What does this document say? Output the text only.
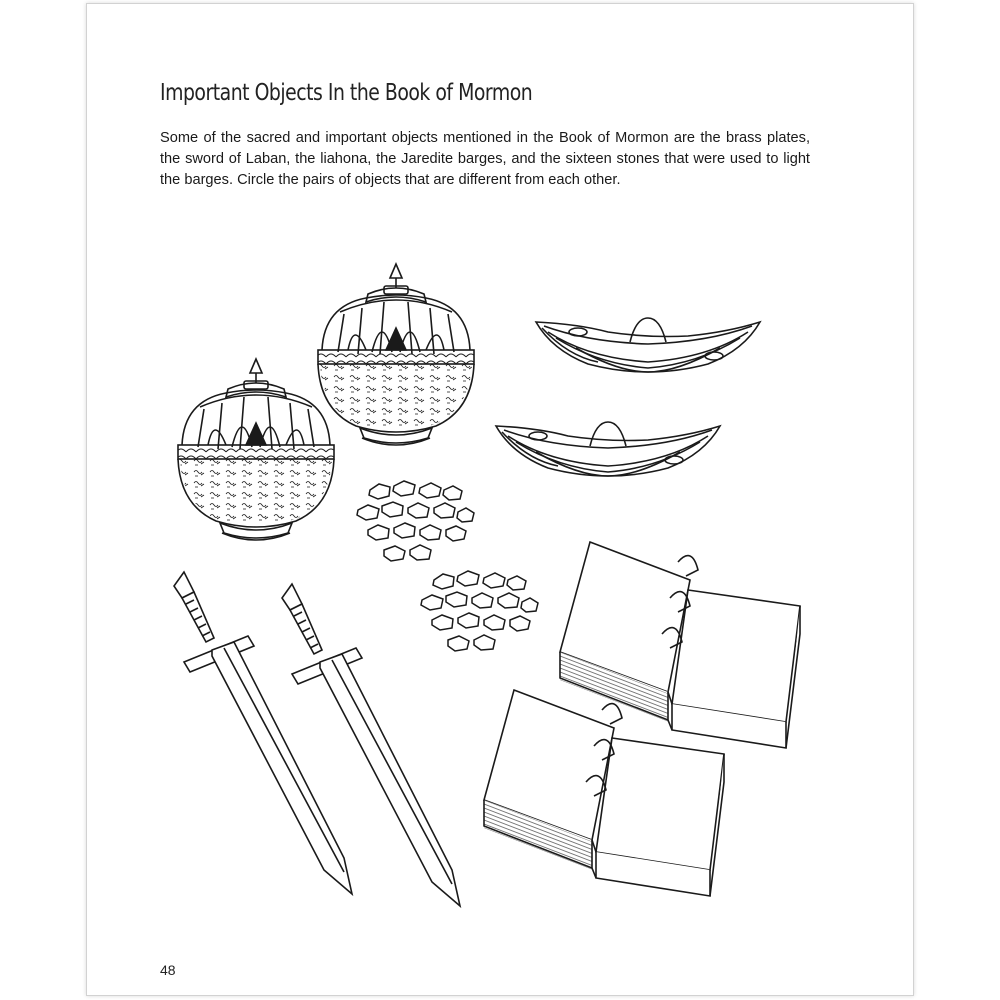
Important Objects In the Book of Mormon

Some of the sacred and important objects mentioned in the Book of Mormon are the brass plates, the sword of Laban, the liahona, the Jaredite barges, and the sixteen stones that were used to light the barges. Circle the pairs of objects that are different from each other.

48
